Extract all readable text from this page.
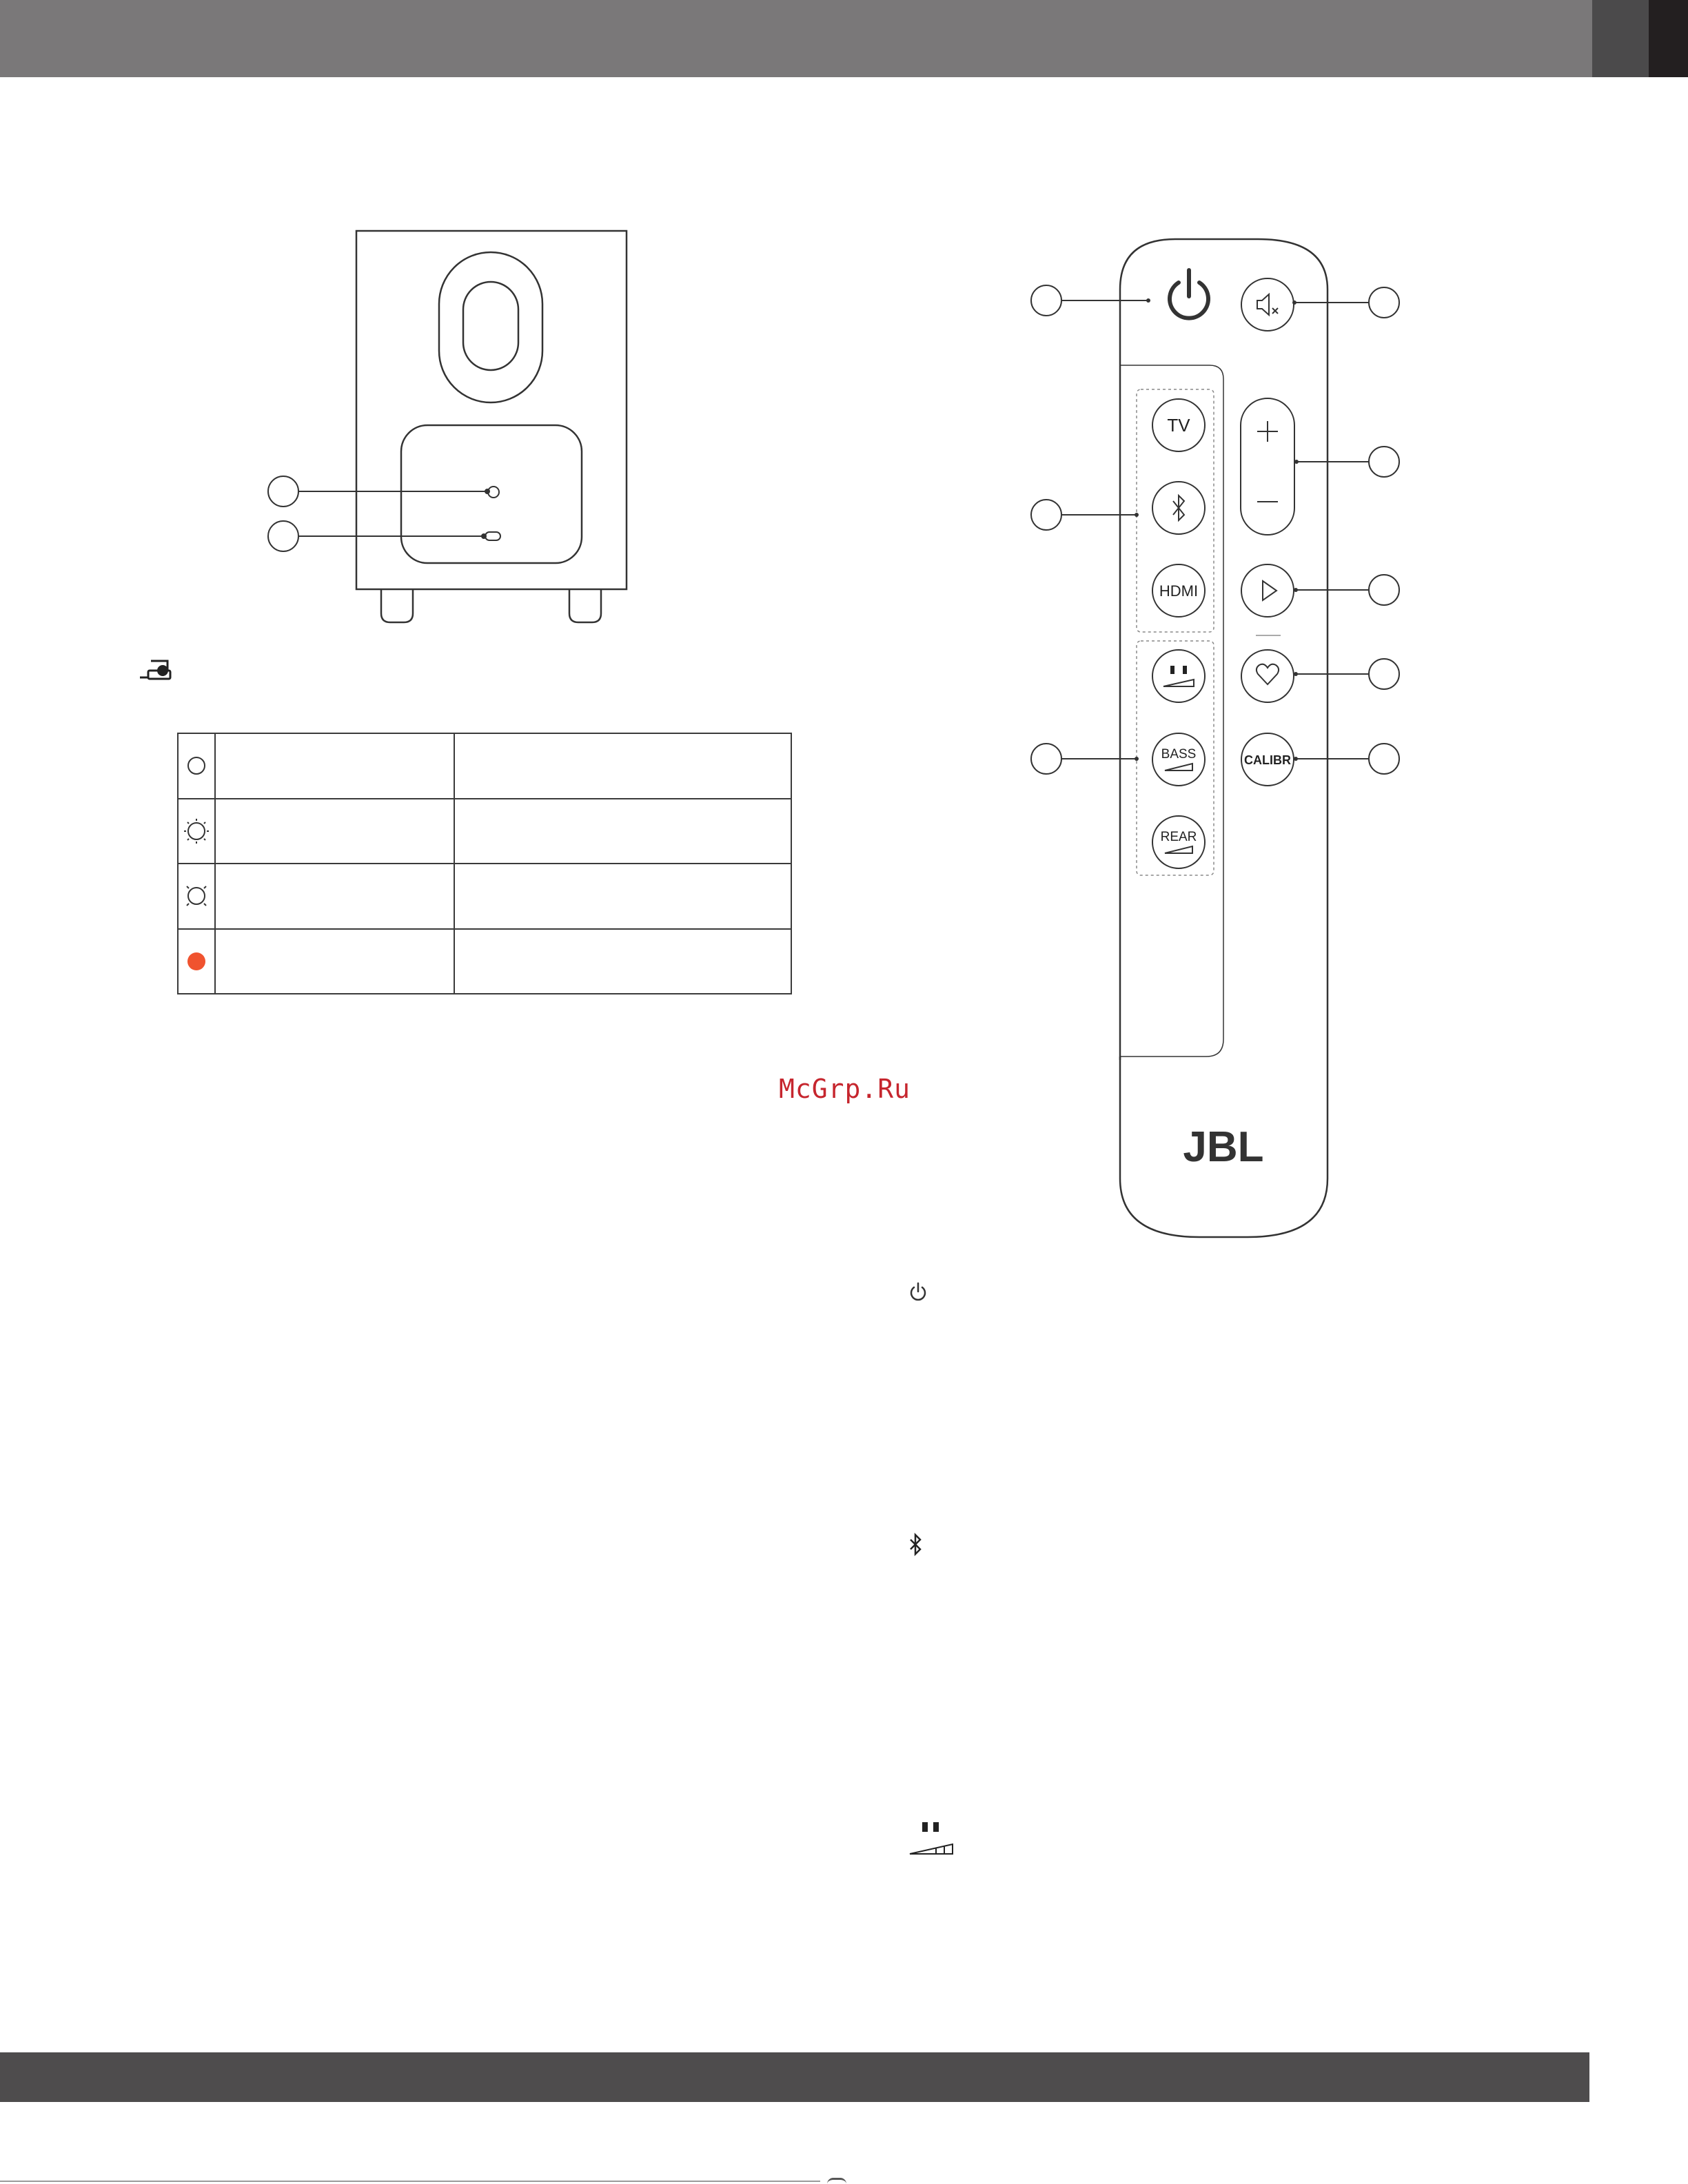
McGrp.Ru
TV
HDMI
BASS
REAR
CALIBR
JBL
